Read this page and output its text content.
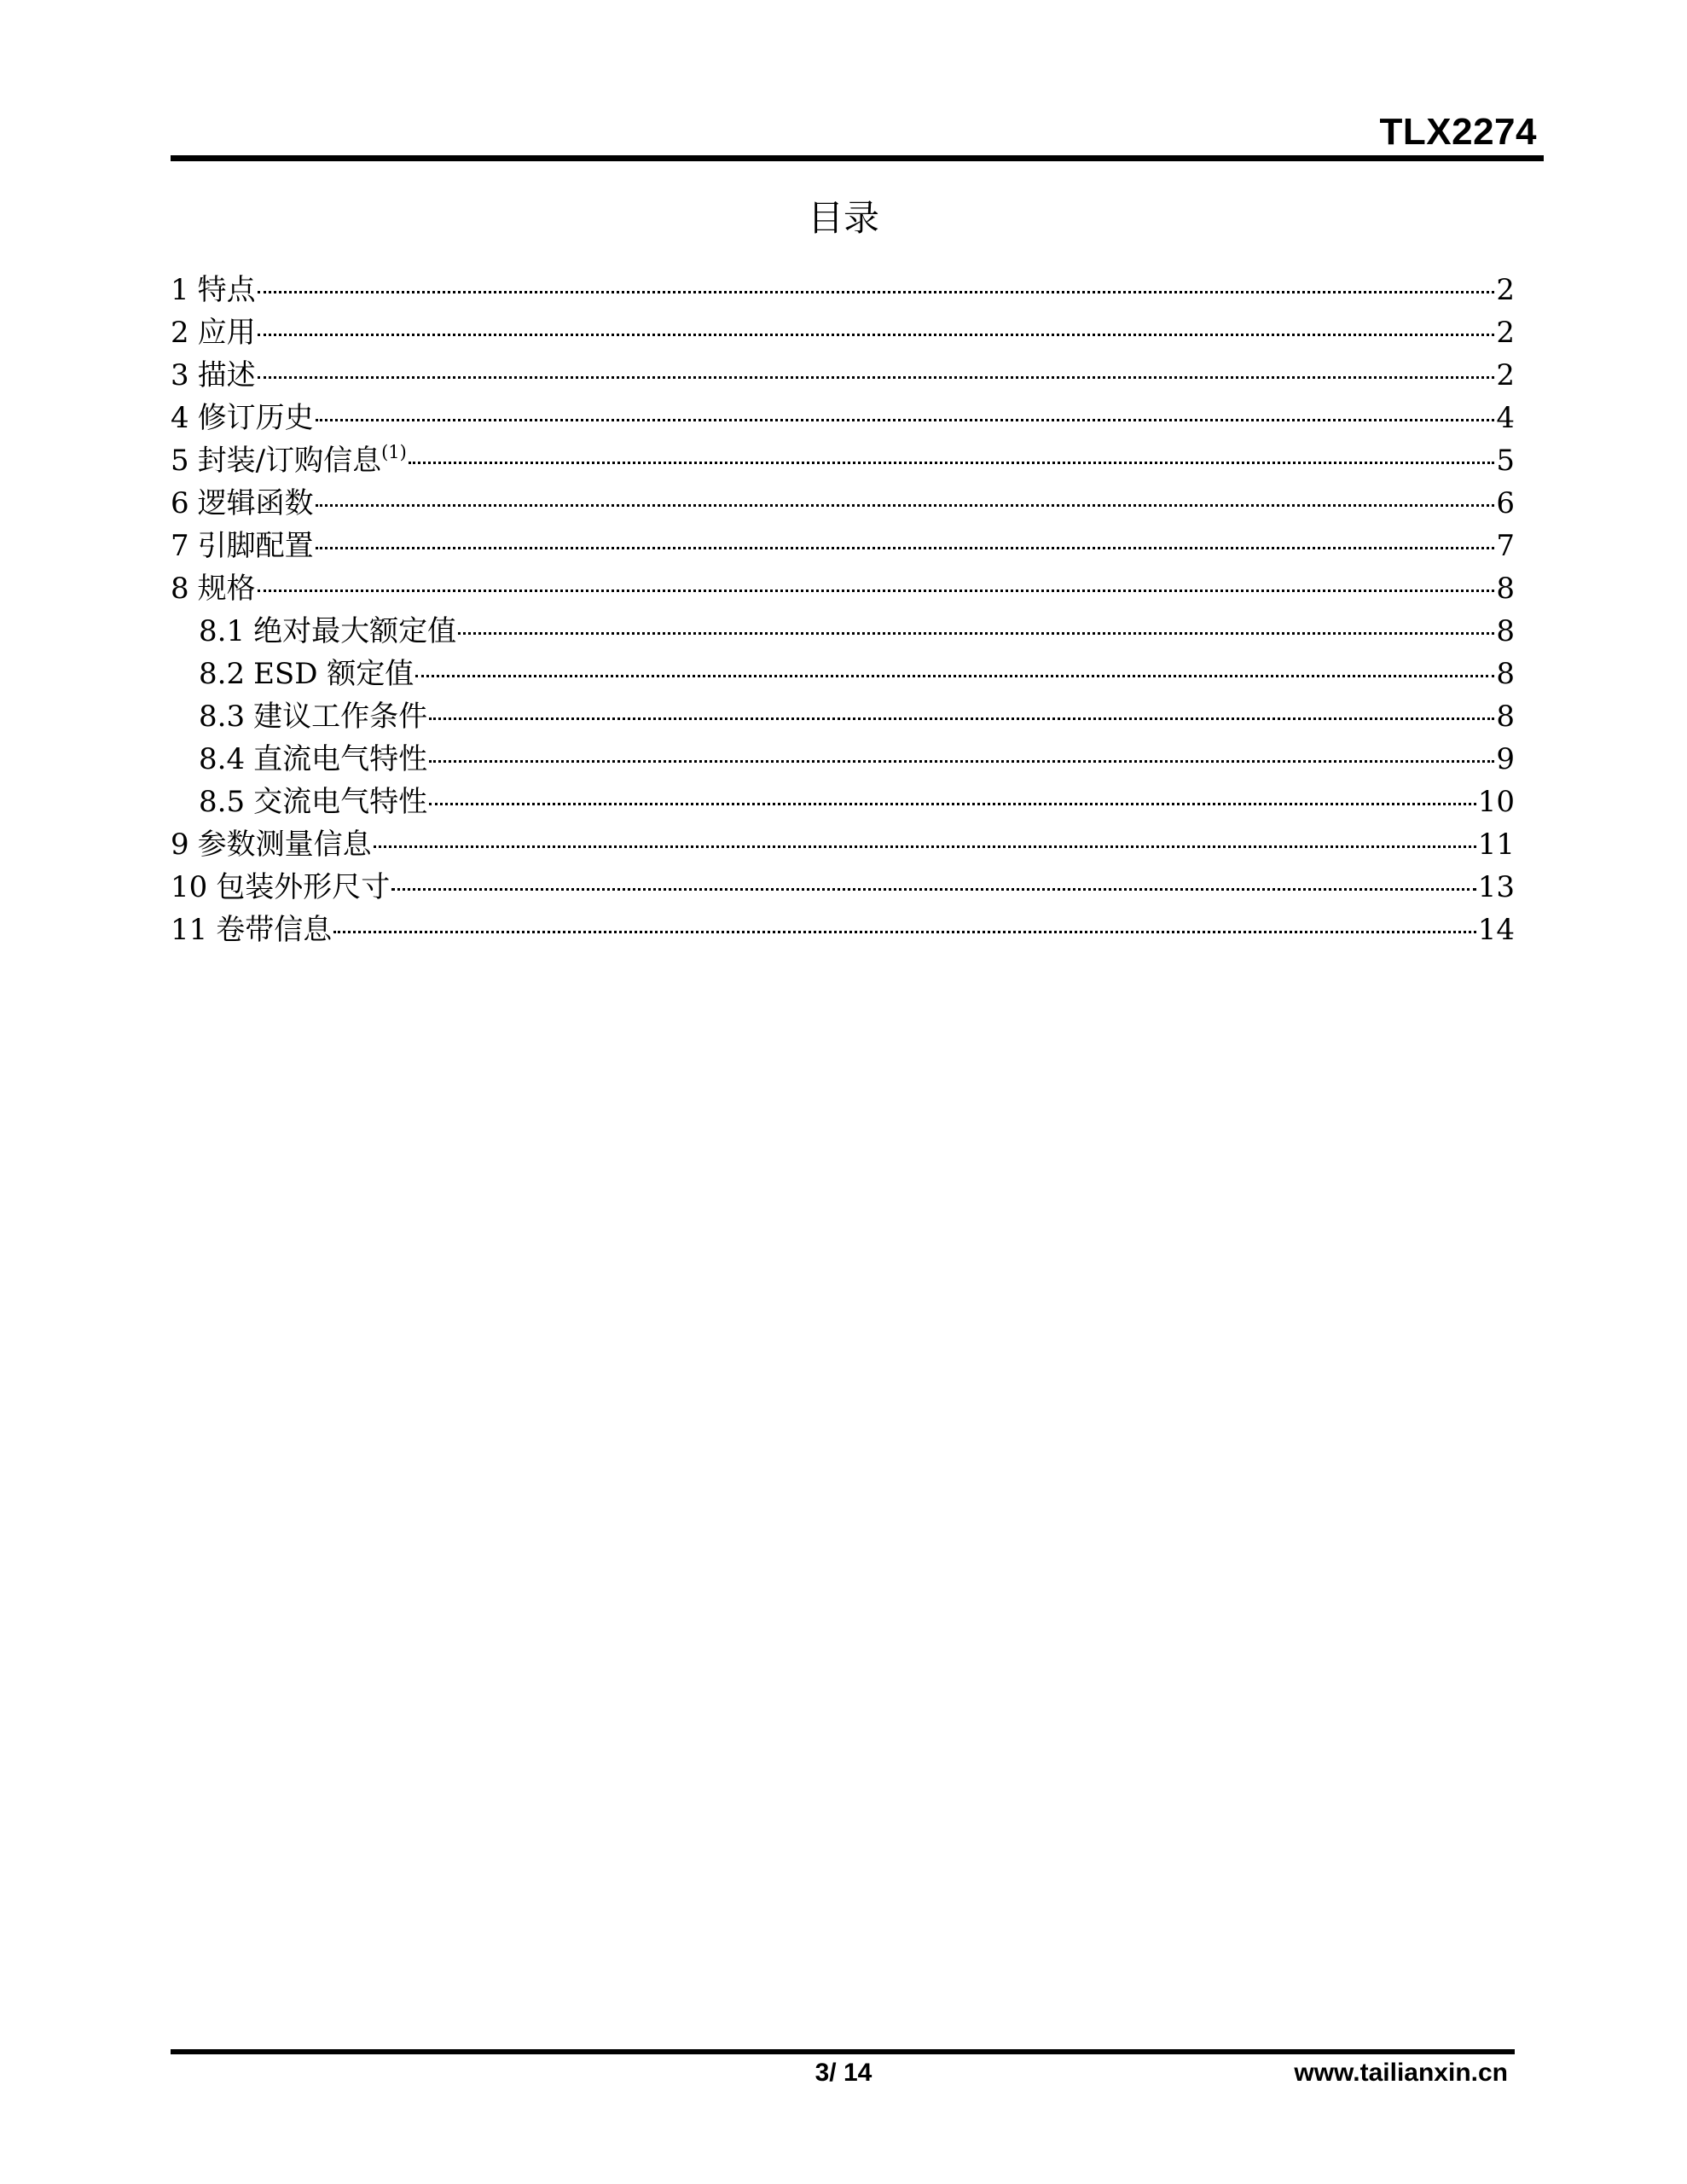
TLX2274
目录
1 特点	2
2 应用	2
3 描述	2
4 修订历史	4
5 封装/订购信息$^{(1)}$	5
6 逻辑函数	6
7 引脚配置	7
8 规格	8
8.1 绝对最大额定值	8
8.2 ESD 额定值	8
8.3 建议工作条件	8
8.4 直流电气特性	9
8.5 交流电气特性	10
9 参数测量信息	11
10 包装外形尺寸	13
11 卷带信息	14
3/ 14	www.tailianxin.cn
